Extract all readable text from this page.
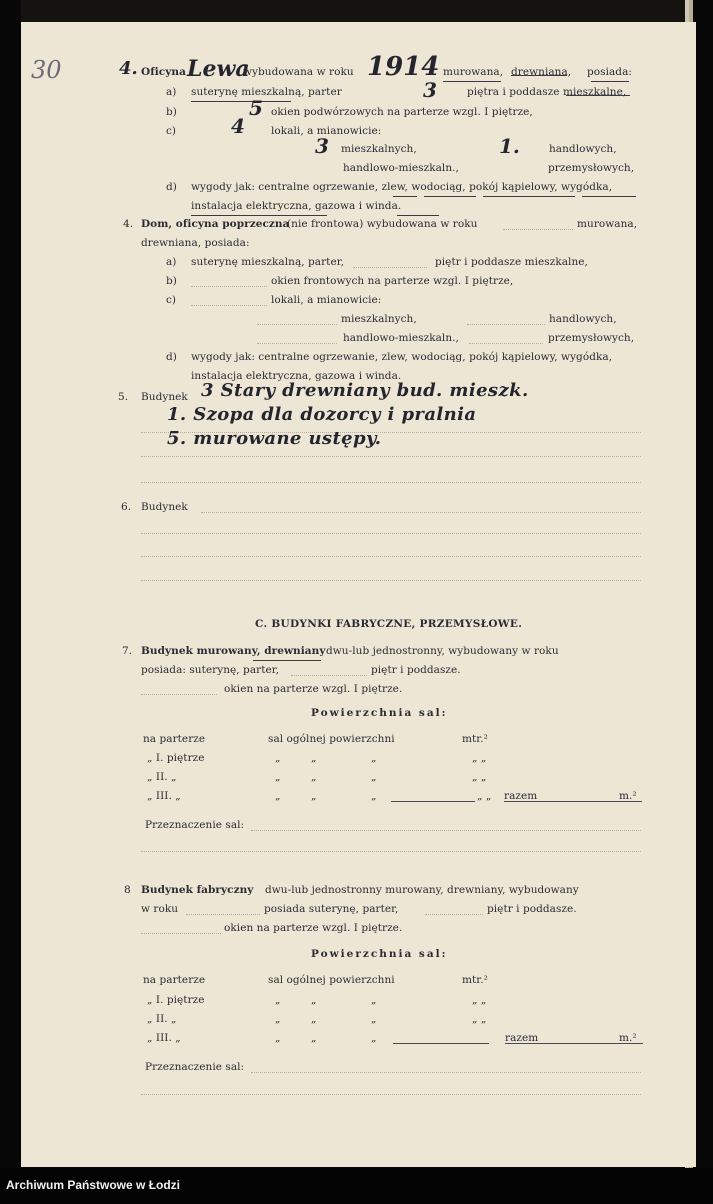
30	4. Oficyna Lewa
wybudowana w roku 1914 murowana, drewniana, posiada:
a) suterynę mieszkalną, parter	3	piętra i poddasze mieszkalne,
b)	5 okien podwórzowych na parterze wzgl. I piętrze,
c)	4 lokali, a mianowicie:
3 mieszkalnych,	1.	handlowych,
handlowo-mieszkaln.,	przemysłowych,
d) wygody jak: centralne ogrzewanie, zlew, wodociąg, pokój kąpielowy, wygódka,
instalacja elektryczna, gazowa i winda.
4. Dom, oficyna poprzeczna
(nie frontowa) wybudowana w roku	murowana,
drewniana, posiada:
a) suterynę mieszkalną, parter,	piętr i poddasze mieszkalne,
b)	okien frontowych na parterze wzgl. I piętrze,
c)	lokali, a mianowicie:
mieszkalnych,	handlowych,
handlowo-mieszkaln.,	przemysłowych,
d) wygody jak: centralne ogrzewanie, zlew, wodociąg, pokój kąpielowy, wygódka,
instalacja elektryczna, gazowa i winda.
5. Budynek 3 Stary drewniany bud. mieszk.
1. Szopa dla dozorcy i pralnia
5. murowane ustępy.
6. Budynek
C. BUDYNKI FABRYCZNE, PRZEMYSŁOWE.
7. Budynek murowany, drewniany dwu-lub jednostronny, wybudowany w roku
posiada: suterynę, parter,	piętr i poddasze.
okien na parterze wzgl. I piętrze.
Powierzchnia sal:
na parterze	sal ogólnej powierzchni	mtr.²
„ I. piętrze	„	„	„	„ „
„ II. „	„	„	„	„ „
„ III. „	„	„	„	„ „ razem	m.²
Przeznaczenie sal:
8 Budynek fabryczny dwu-lub jednostronny murowany, drewniany, wybudowany
w roku	posiada suterynę, parter,	piętr i poddasze.
okien na parterze wzgl. I piętrze.
Powierzchnia sal:
na parterze	sal ogólnej powierzchni	mtr.²
„ I. piętrze	„	„	„	„ „
„ II. „	„	„	„	„ „
„ III. „	„	„	„	razem	m.²
Przeznaczenie sal:
Archiwum Państwowe w Łodzi
